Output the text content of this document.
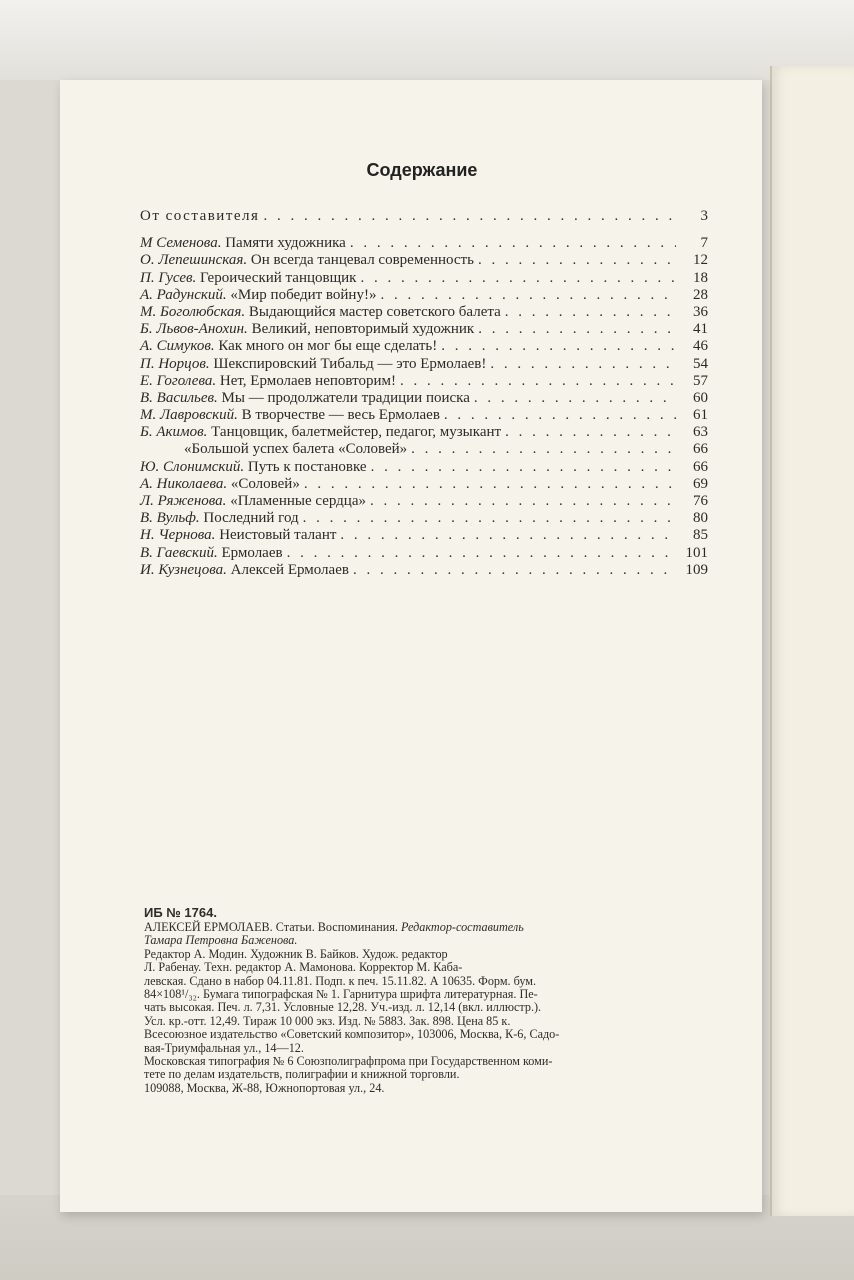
Содержание
От составителя . . .	3
М Семенова. Памяти художника . . .	7
О. Лепешинская. Он всегда танцевал современность . . .	12
П. Гусев. Героический танцовщик . . .	18
А. Радунский. «Мир победит войну!» . . .	28
М. Боголюбская. Выдающийся мастер советского балета . . .	36
Б. Львов-Анохин. Великий, неповторимый художник . . .	41
А. Симуков. Как много он мог бы еще сделать! . . .	46
П. Норцов. Шекспировский Тибальд — это Ермолаев! . . .	54
Е. Гоголева. Нет, Ермолаев неповторим! . . .	57
В. Васильев. Мы — продолжатели традиции поиска . . .	60
М. Лавровский. В творчестве — весь Ермолаев . . .	61
Б. Акимов. Танцовщик, балетмейстер, педагог, музыкант . . .	63
«Большой успех балета «Соловей» . . .	66
Ю. Слонимский. Путь к постановке . . .	66
А. Николаева. «Соловей» . . .	69
Л. Ряженова. «Пламенные сердца» . . .	76
В. Вульф. Последний год . . .	80
Н. Чернова. Неистовый талант . . .	85
В. Гаевский. Ермолаев . . .	101
И. Кузнецова. Алексей Ермолаев . . .	109
ИБ № 1764.
АЛЕКСЕЙ ЕРМОЛАЕВ. Статьи. Воспоминания. Редактор-составитель
Тамара Петровна Баженова.
Редактор А. Модин. Художник В. Байков. Худож. редактор
Л. Рабенау. Техн. редактор А. Мамонова. Корректор М. Каба-
левская. Сдано в набор 04.11.81. Подп. к печ. 15.11.82. А 10635. Форм. бум.
84×108¹/₃₂. Бумага типографская № 1. Гарнитура шрифта литературная. Пе-
чать высокая. Печ. л. 7,31. Условные 12,28. Уч.-изд. л. 12,14 (вкл. иллюстр.).
Усл. кр.-отт. 12,49. Тираж 10 000 экз. Изд. № 5883. Зак. 898. Цена 85 к.
Всесоюзное издательство «Советский композитор», 103006, Москва, К-6, Садо-
вая-Триумфальная ул., 14—12.
Московская типография № 6 Союзполиграфпрома при Государственном коми-
тете по делам издательств, полиграфии и книжной торговли.
109088, Москва, Ж-88, Южнопортовая ул., 24.
